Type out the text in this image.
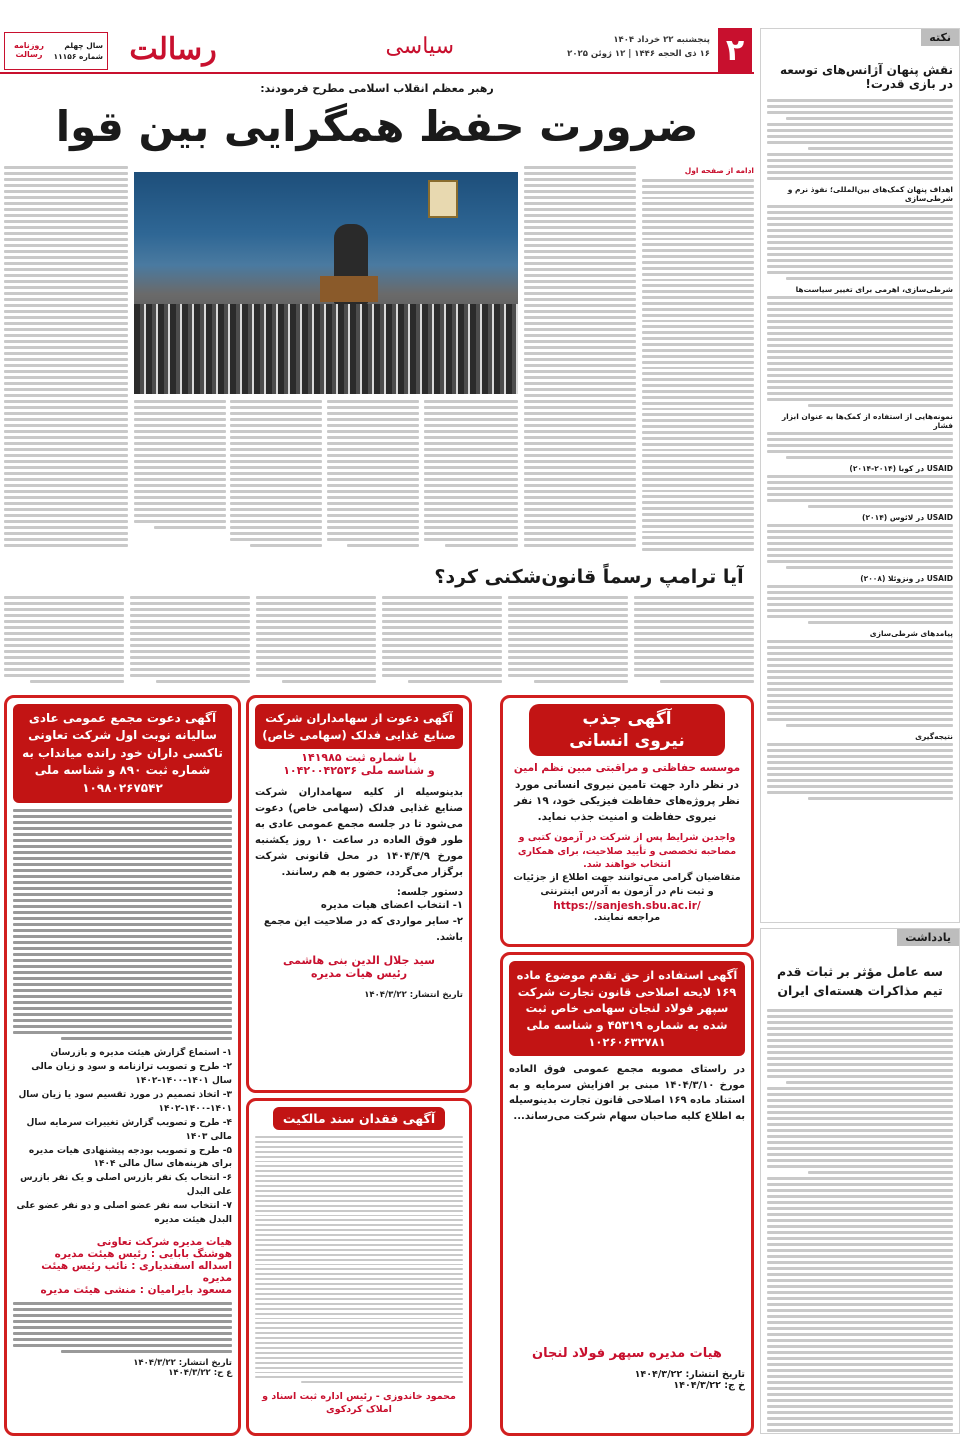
نکته
نقش پنهان آژانس‌های توسعه در بازی قدرت!
اهداف پنهان کمک‌های بین‌المللی؛ نفوذ نرم و شرطی‌سازی
شرطی‌سازی، اهرمی برای تغییر سیاست‌ها
نمونه‌هایی از استفاده از کمک‌ها به عنوان ابزار فشار
USAID در کوبا (۲۰۱۴-۲۰۱۴)
USAID در لائوس (۲۰۱۴)
USAID در ونزوئلا (۲۰۰۸)
پیامدهای شرطی‌سازی
نتیجه‌گیری
یادداشت
سه عامل مؤثر بر ثبات قدم تیم مذاکرات هسته‌ای ایران
۲
پنجشنبه ۲۲ خرداد ۱۴۰۴
۱۶ ذی الحجه ۱۴۴۶ | ۱۲ ژوئن ۲۰۲۵
سیاسی
رسالت
سال چهلم
شماره ۱۱۱۵۶
روزنامه رسالت
رهبر معظم انقلاب اسلامی مطرح فرمودند:
ضرورت حفظ همگرایی بین قوا
ادامه از صفحه اول
آیا ترامپ رسماً قانون‌شکنی کرد؟
آگهی جذب
نیروی انسانی
موسسه حفاظتی و مراقبتی مبین نظم امین
در نظر دارد جهت تامین نیروی انسانی مورد نظر پروژه‌های حفاظت فیزیکی خود، ۱۹ نفر نیروی حفاظت و امنیت جذب نماید.
واجدین شرایط پس از شرکت در آزمون کتبی و مصاحبه تخصصی و تأیید صلاحیت، برای همکاری انتخاب خواهند شد.
متقاضیان گرامی می‌توانند جهت اطلاع از جزئیات و ثبت نام در آزمون به آدرس اینترنتی
https://sanjesh.sbu.ac.ir/
مراجعه نمایند.
آگهی استفاده از حق تقدم موضوع ماده ۱۶۹ لایحه اصلاحی قانون تجارت شرکت سپهر فولاد لنجان سهامی خاص ثبت شده به شماره ۴۵۳۱۹ و شناسه ملی ۱۰۲۶۰۶۳۲۷۸۱
در راستای مصوبه مجمع عمومی فوق العاده مورخ ۱۴۰۴/۳/۱۰ مبنی بر افزایش سرمایه و به استناد ماده ۱۶۹ اصلاحی قانون تجارت بدینوسیله به اطلاع کلیه صاحبان سهام شرکت می‌رساند...
هیات مدیره سپهر فولاد لنجان
تاریخ انتشار: ۱۴۰۴/۳/۲۲
خ ج: ۱۴۰۴/۳/۲۲
آگهی دعوت از سهامداران شرکت صنایع غذایی فدلک (سهامی خاص)
با شماره ثبت ۱۴۱۹۸۵
و شناسه ملی ۱۰۴۲۰۰۴۲۵۳۶
بدینوسیله از کلیه سهامداران شرکت صنایع غذایی فدلک (سهامی خاص) دعوت می‌شود تا در جلسه مجمع عمومی عادی به طور فوق العاده در ساعت ۱۰ روز یکشنبه مورخ ۱۴۰۴/۴/۹ در محل قانونی شرکت برگزار می‌گردد، حضور به هم رسانند.
دستور جلسه:
۱- انتخاب اعضای هیات مدیره
۲- سایر مواردی که در صلاحیت این مجمع باشد.
سید جلال الدین بنی هاشمی
رئیس هیات مدیره
تاریخ انتشار: ۱۴۰۴/۳/۲۲
آگهی فقدان سند مالکیت
محمود خاندوزی - رئیس اداره ثبت اسناد و املاک کردکوی
آگهی دعوت مجمع عمومی عادی سالیانه نوبت اول شرکت تعاونی تاکسی داران خود رانده میانداب به شماره ثبت ۸۹۰ و شناسه ملی ۱۰۹۸۰۲۶۷۵۴۲
۱- استماع گزارش هیئت مدیره و بازرسان
۲- طرح و تصویب ترازنامه و سود و زیان مالی سال ۱۴۰۱-۱۴۰۰-۱۴۰۲
۳- اتخاذ تصمیم در مورد تقسیم سود یا زیان سال ۱۴۰۱-۱۴۰۰-۱۴۰۲
۴- طرح و تصویب گزارش تغییرات سرمایه سال مالی ۱۴۰۳
۵- طرح و تصویب بودجه پیشنهادی هیات مدیره برای هزینه‌های سال مالی ۱۴۰۴
۶- انتخاب یک نفر بازرس اصلی و یک نفر بازرس علی البدل
۷- انتخاب سه نفر عضو اصلی و دو نفر عضو علی البدل هیئت مدیره
هیات مدیره شرکت تعاونی
هوشنگ بابایی : رئیس هیئت مدیره
اسداله اسفندیاری : نائب رئیس هیئت مدیره
مسعود بایرامیان : منشی هیئت مدیره
تاریخ انتشار: ۱۴۰۴/۳/۲۲
ع ح: ۱۴۰۴/۳/۲۲
